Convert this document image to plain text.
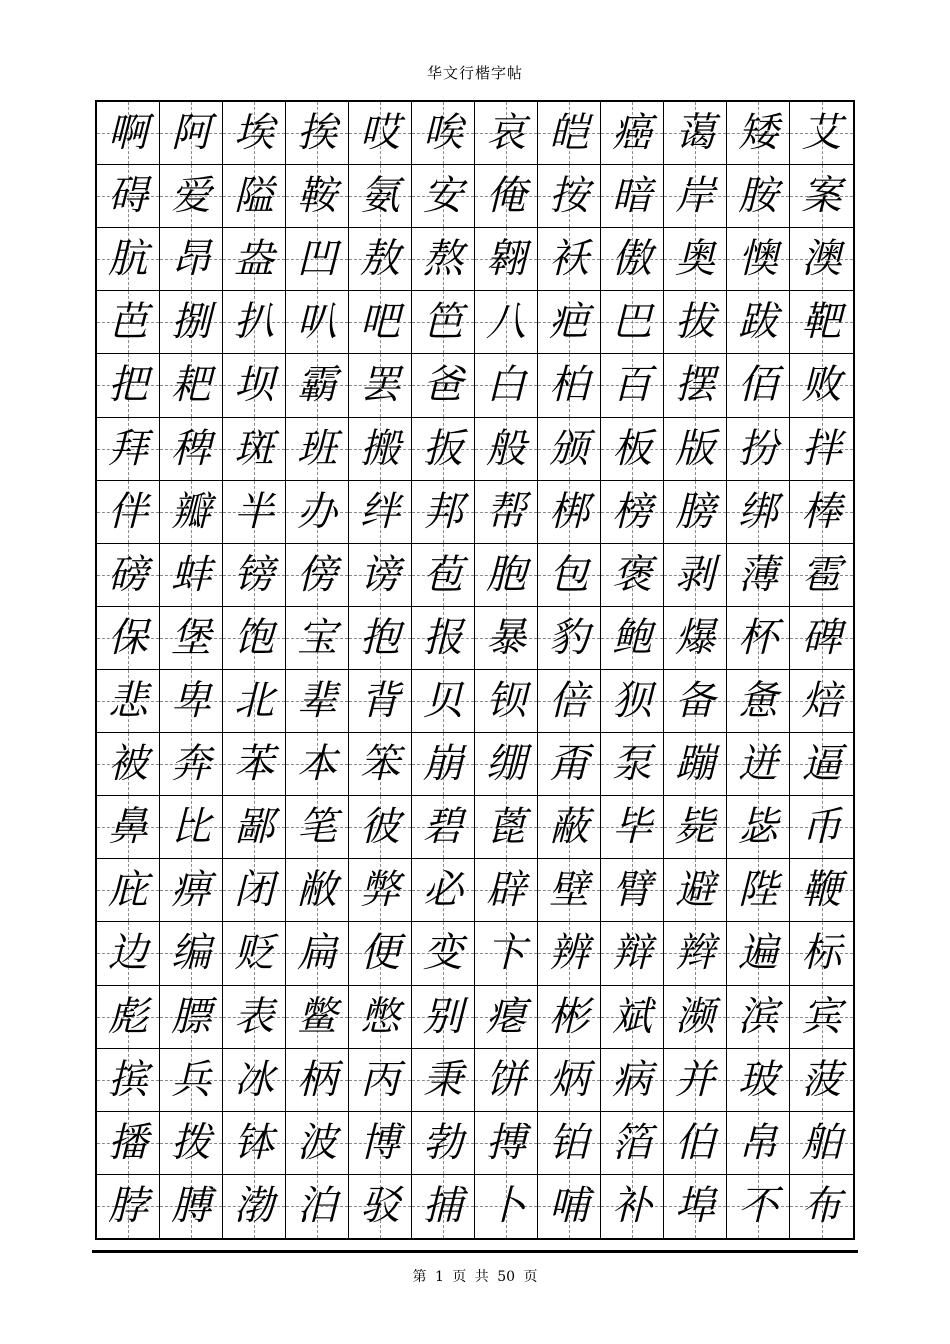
华文行楷字帖
啊 阿 埃 挨 哎 唉 哀 皑 癌 蔼 矮 艾
碍 爱 隘 鞍 氨 安 俺 按 暗 岸 胺 案
肮 昂 盎 凹 敖 熬 翱 袄 傲 奥 懊 澳
芭 捌 扒 叭 吧 笆 八 疤 巴 拔 跋 靶
把 耙 坝 霸 罢 爸 白 柏 百 摆 佰 败
拜 稗 斑 班 搬 扳 般 颁 板 版 扮 拌
伴 瓣 半 办 绊 邦 帮 梆 榜 膀 绑 棒
磅 蚌 镑 傍 谤 苞 胞 包 褒 剥 薄 雹
保 堡 饱 宝 抱 报 暴 豹 鲍 爆 杯 碑
悲 卑 北 辈 背 贝 钡 倍 狈 备 惫 焙
被 奔 苯 本 笨 崩 绷 甭 泵 蹦 迸 逼
鼻 比 鄙 笔 彼 碧 蓖 蔽 毕 毙 毖 币
庇 痹 闭 敝 弊 必 辟 壁 臂 避 陛 鞭
边 编 贬 扁 便 变 卞 辨 辩 辫 遍 标
彪 膘 表 鳖 憋 别 瘪 彬 斌 濒 滨 宾
摈 兵 冰 柄 丙 秉 饼 炳 病 并 玻 菠
播 拨 钵 波 博 勃 搏 铂 箔 伯 帛 舶
脖 膊 渤 泊 驳 捕 卜 哺 补 埠 不 布
第 1 页 共 50 页
